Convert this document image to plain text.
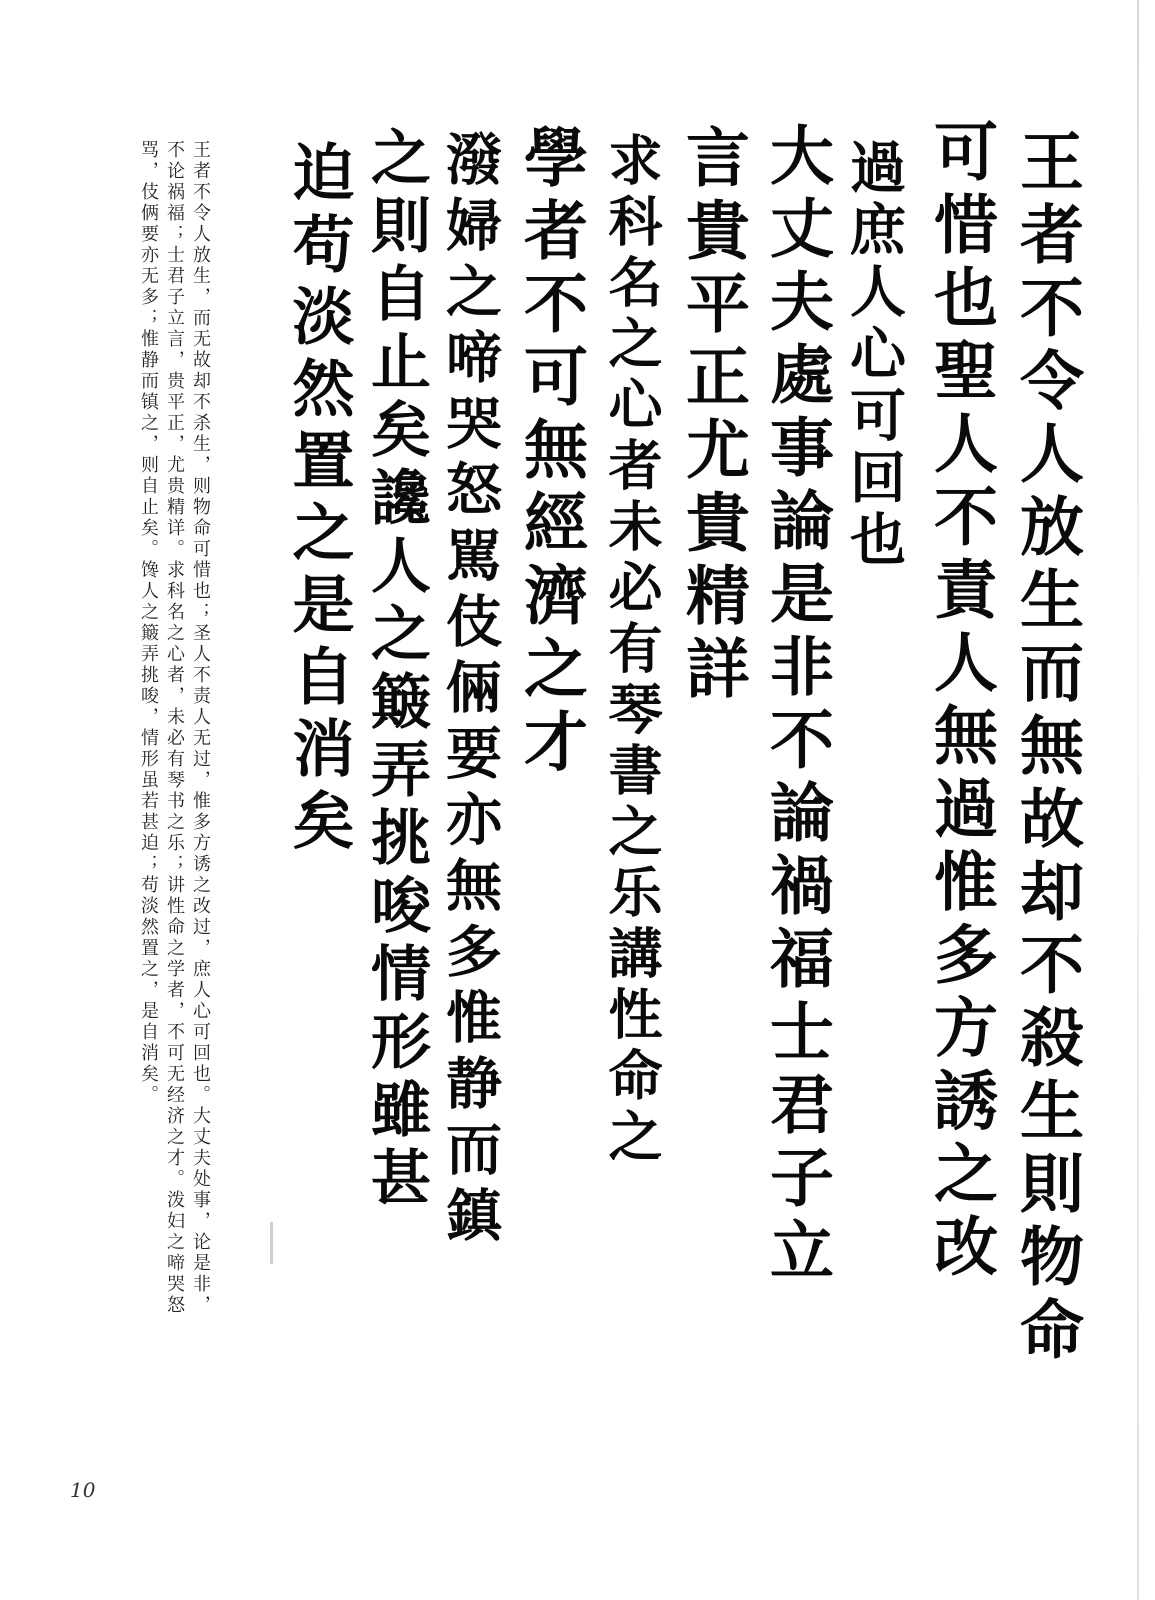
王者不令人放生而無故却不殺生則物命
可惜也聖人不責人無過惟多方誘之改
過庶人心可回也
大丈夫處事論是非不論禍福士君子立
言貴平正尤貴精詳
求科名之心者未必有琴書之乐講性命之
學者不可無經濟之才
潑婦之啼哭怒駡伎倆要亦無多惟静而鎮
之則自止矣讒人之簸弄挑唆情形雖甚
迫苟淡然置之是自消矣
王者不令人放生，而无故却不杀生，则物命可惜也；圣人不责人无过，惟多方诱之改过，庶人心可回也。大丈夫处事，论是非，
不论祸福；士君子立言，贵平正，尤贵精详。求科名之心者，未必有琴书之乐；讲性命之学者，不可无经济之才。泼妇之啼哭怒
骂，伎俩要亦无多；惟静而镇之，则自止矣。馋人之簸弄挑唆，情形虽若甚迫；苟淡然置之，是自消矣。
10
